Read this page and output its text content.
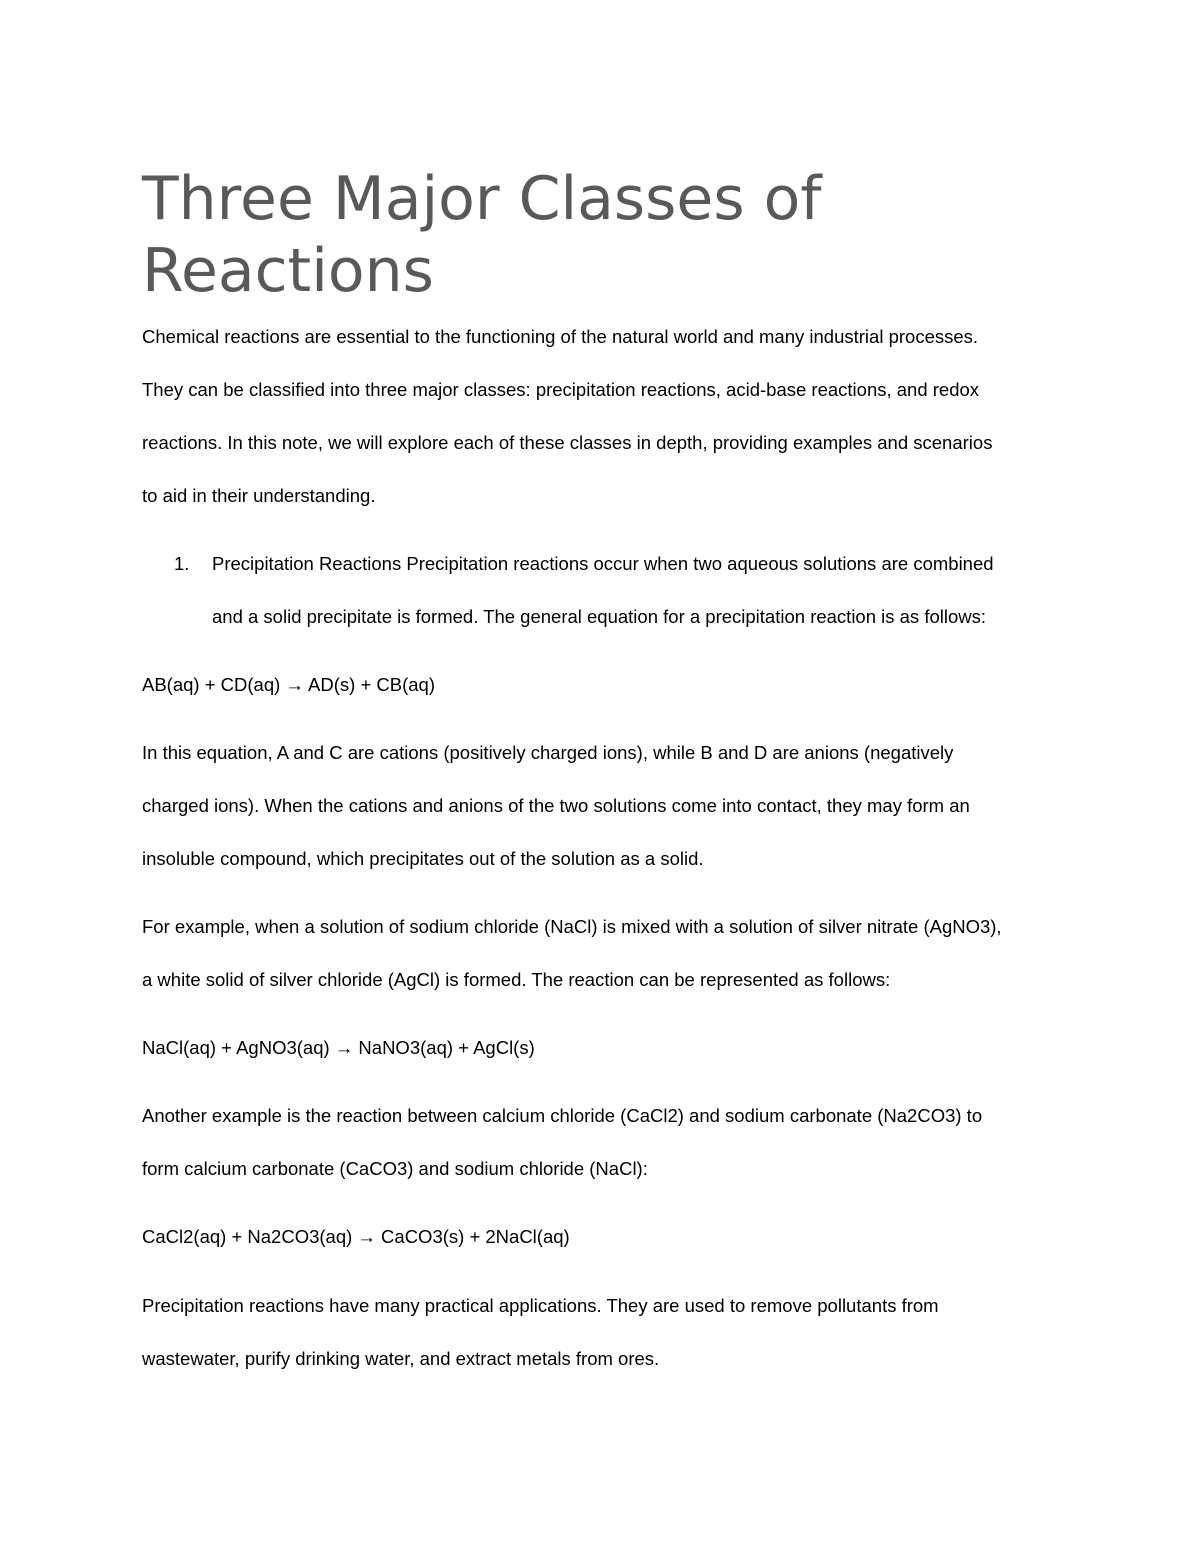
Three Major Classes of
Reactions

Chemical reactions are essential to the functioning of the natural world and many industrial processes.

They can be classified into three major classes: precipitation reactions, acid-base reactions, and redox

reactions. In this note, we will explore each of these classes in depth, providing examples and scenarios

to aid in their understanding.

1. Precipitation Reactions Precipitation reactions occur when two aqueous solutions are combined

and a solid precipitate is formed. The general equation for a precipitation reaction is as follows:

AB(aq) + CD(aq) → AD(s) + CB(aq)

In this equation, A and C are cations (positively charged ions), while B and D are anions (negatively

charged ions). When the cations and anions of the two solutions come into contact, they may form an

insoluble compound, which precipitates out of the solution as a solid.

For example, when a solution of sodium chloride (NaCl) is mixed with a solution of silver nitrate (AgNO3),

a white solid of silver chloride (AgCl) is formed. The reaction can be represented as follows:

NaCl(aq) + AgNO3(aq) → NaNO3(aq) + AgCl(s)

Another example is the reaction between calcium chloride (CaCl2) and sodium carbonate (Na2CO3) to

form calcium carbonate (CaCO3) and sodium chloride (NaCl):

CaCl2(aq) + Na2CO3(aq) → CaCO3(s) + 2NaCl(aq)

Precipitation reactions have many practical applications. They are used to remove pollutants from

wastewater, purify drinking water, and extract metals from ores.
